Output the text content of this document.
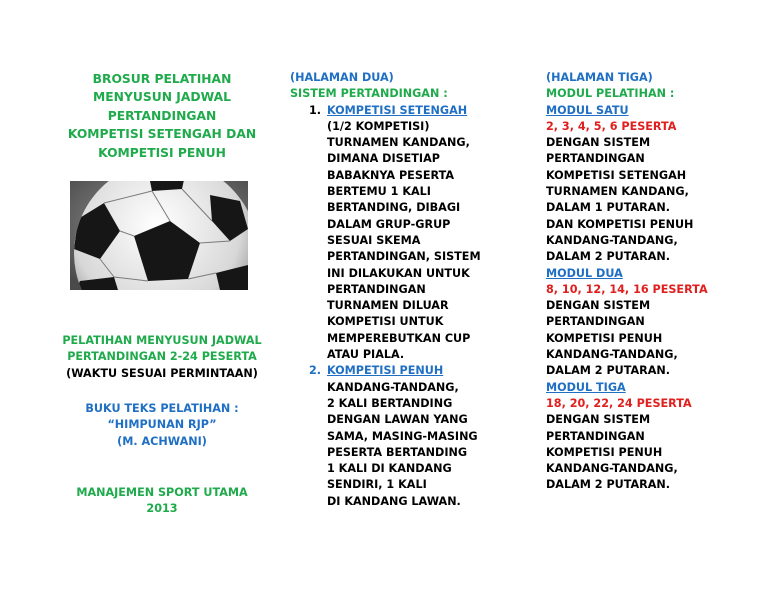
BROSUR PELATIHAN
MENYUSUN JADWAL
PERTANDINGAN
KOMPETISI SETENGAH DAN
KOMPETISI PENUH
PELATIHAN MENYUSUN JADWAL
PERTANDINGAN 2-24 PESERTA
(WAKTU SESUAI PERMINTAAN)
BUKU TEKS PELATIHAN :
“HIMPUNAN RJP”
(M. ACHWANI)
MANAJEMEN SPORT UTAMA
2013
(HALAMAN DUA)
SISTEM PERTANDINGAN :
1. KOMPETISI SETENGAH
(1/2 KOMPETISI)
TURNAMEN KANDANG,
DIMANA DISETIAP
BABAKNYA PESERTA
BERTEMU 1 KALI
BERTANDING, DIBAGI
DALAM GRUP-GRUP
SESUAI SKEMA
PERTANDINGAN, SISTEM
INI DILAKUKAN UNTUK
PERTANDINGAN
TURNAMEN DILUAR
KOMPETISI UNTUK
MEMPEREBUTKAN CUP
ATAU PIALA.
2. KOMPETISI PENUH
KANDANG-TANDANG,
2 KALI BERTANDING
DENGAN LAWAN YANG
SAMA, MASING-MASING
PESERTA BERTANDING
1 KALI DI KANDANG
SENDIRI, 1 KALI
DI KANDANG LAWAN.
(HALAMAN TIGA)
MODUL PELATIHAN :
MODUL SATU
2, 3, 4, 5, 6 PESERTA
DENGAN SISTEM
PERTANDINGAN
KOMPETISI SETENGAH
TURNAMEN KANDANG,
DALAM 1 PUTARAN.
DAN KOMPETISI PENUH
KANDANG-TANDANG,
DALAM 2 PUTARAN.
MODUL DUA
8, 10, 12, 14, 16 PESERTA
DENGAN SISTEM
PERTANDINGAN
KOMPETISI PENUH
KANDANG-TANDANG,
DALAM 2 PUTARAN.
MODUL TIGA
18, 20, 22, 24 PESERTA
DENGAN SISTEM
PERTANDINGAN
KOMPETISI PENUH
KANDANG-TANDANG,
DALAM 2 PUTARAN.
